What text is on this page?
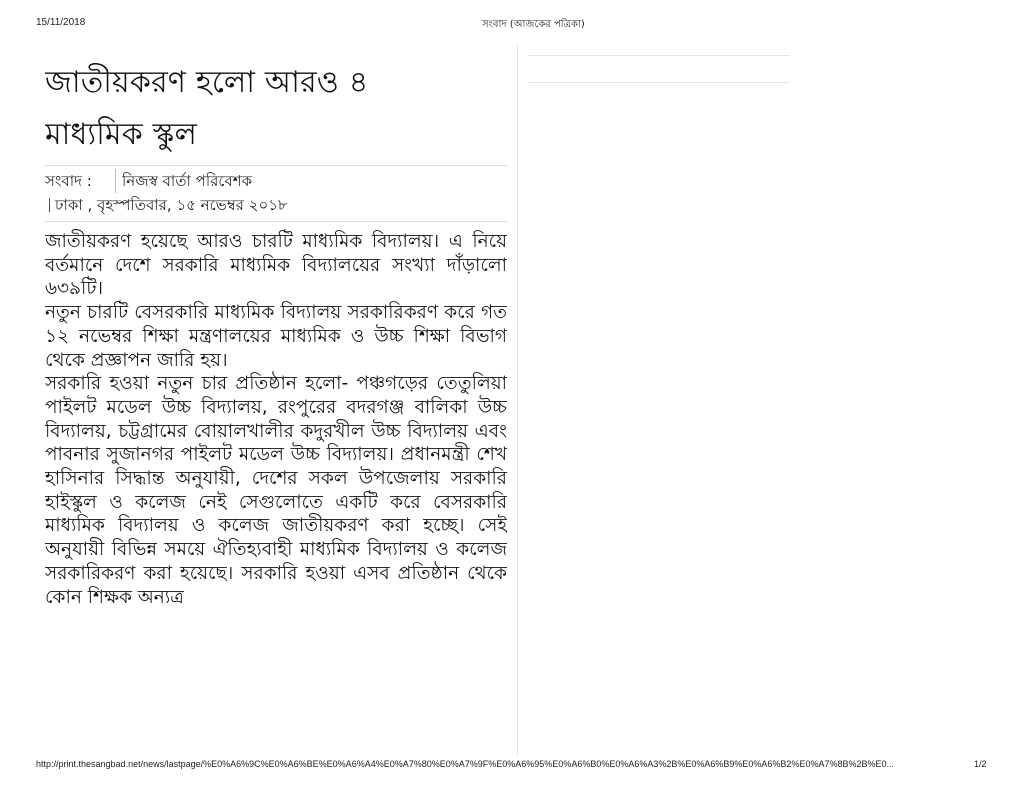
15/11/2018	সংবাদ (আজকের পত্রিকা)
জাতীয়করণ হলো আরও ৪
মাধ্যমিক স্কুল
সংবাদ :	নিজস্ব বার্তা পরিবেশক
ঢাকা , বৃহস্পতিবার, ১৫ নভেম্বর ২০১৮

জাতীয়করণ হয়েছে আরও চারটি মাধ্যমিক বিদ্যালয়। এ নিয়ে বর্তমানে দেশে সরকারি মাধ্যমিক বিদ্যালয়ের সংখ্যা দাঁড়ালো ৬৩৯টি।

নতুন চারটি বেসরকারি মাধ্যমিক বিদ্যালয় সরকারিকরণ করে গত ১২ নভেম্বর শিক্ষা মন্ত্রণালয়ের মাধ্যমিক ও উচ্চ শিক্ষা বিভাগ থেকে প্রজ্ঞাপন জারি হয়।

সরকারি হওয়া নতুন চার প্রতিষ্ঠান হলো- পঞ্চগড়ের তেতুলিয়া পাইলট মডেল উচ্চ বিদ্যালয়, রংপুরের বদরগঞ্জ বালিকা উচ্চ বিদ্যালয়, চট্টগ্রামের বোয়ালখালীর কদুরখীল উচ্চ বিদ্যালয় এবং পাবনার সুজানগর পাইলট মডেল উচ্চ বিদ্যালয়। প্রধানমন্ত্রী শেখ হাসিনার সিদ্ধান্ত অনুযায়ী, দেশের সকল উপজেলায় সরকারি হাইস্কুল ও কলেজ নেই সেগুলোতে একটি করে বেসরকারি মাধ্যমিক বিদ্যালয় ও কলেজ জাতীয়করণ করা হচ্ছে। সেই অনুযায়ী বিভিন্ন সময়ে ঐতিহ্যবাহী মাধ্যমিক বিদ্যালয় ও কলেজ সরকারিকরণ করা হয়েছে। সরকারি হওয়া এসব প্রতিষ্ঠান থেকে কোন শিক্ষক অন্যত্র

http://print.thesangbad.net/news/lastpage/%E0%A6%9C%E0%A6%BE%E0%A6%A4%E0%A7%80%E0%A7%9F%E0%A6%95%E0%A6%B0%E0%A6%A3%2B%E0%A6%B9%E0%A6%B2%E0%A7%8B%2B%E0...	1/2
